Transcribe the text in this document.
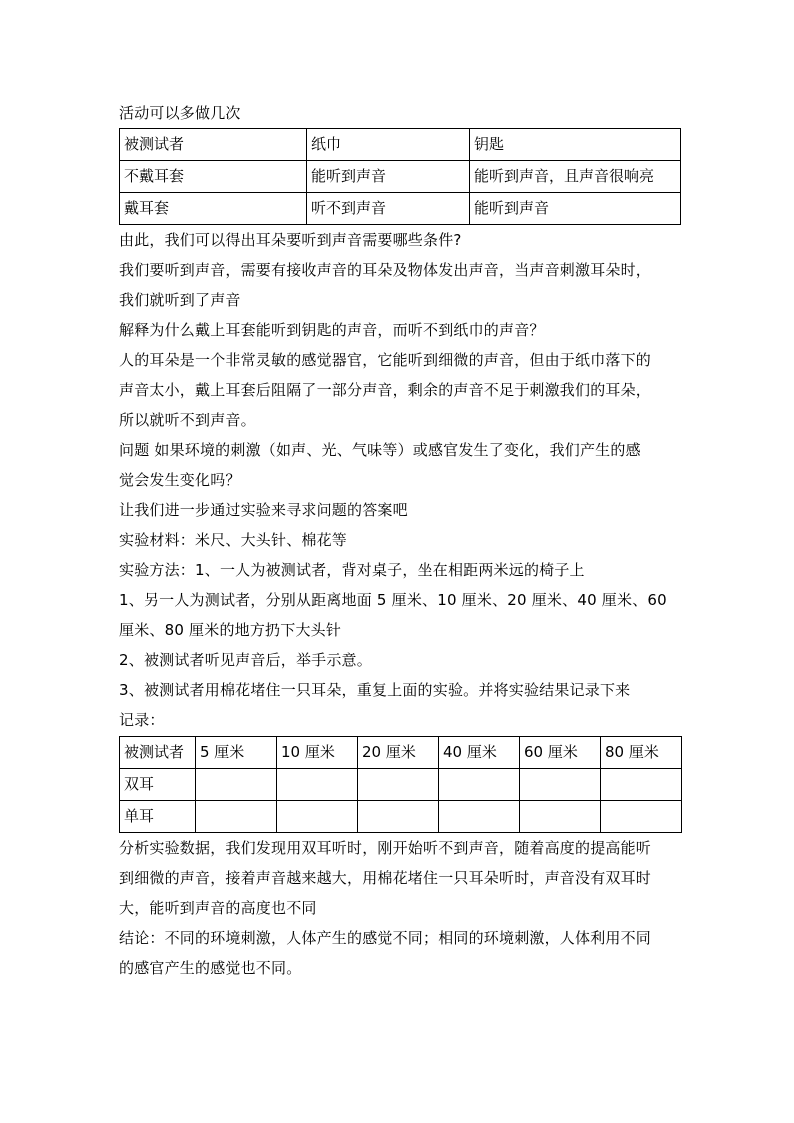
活动可以多做几次
被测试者	纸巾	钥匙
不戴耳套	能听到声音	能听到声音，且声音很响亮
戴耳套	听不到声音	能听到声音
由此，我们可以得出耳朵要听到声音需要哪些条件?
我们要听到声音，需要有接收声音的耳朵及物体发出声音，当声音刺激耳朵时，
我们就听到了声音
解释为什么戴上耳套能听到钥匙的声音，而听不到纸巾的声音？
人的耳朵是一个非常灵敏的感觉器官，它能听到细微的声音，但由于纸巾落下的
声音太小，戴上耳套后阻隔了一部分声音，剩余的声音不足于刺激我们的耳朵，
所以就听不到声音。
问题 如果环境的刺激（如声、光、气味等）或感官发生了变化，我们产生的感
觉会发生变化吗？
让我们进一步通过实验来寻求问题的答案吧
实验材料：米尺、大头针、棉花等
实验方法：1、一人为被测试者，背对桌子，坐在相距两米远的椅子上
1、另一人为测试者，分别从距离地面 5 厘米、10 厘米、20 厘米、40 厘米、60
厘米、80 厘米的地方扔下大头针
2、被测试者听见声音后，举手示意。
3、被测试者用棉花堵住一只耳朵，重复上面的实验。并将实验结果记录下来
记录：
被测试者	5 厘米	10 厘米	20 厘米	40 厘米	60 厘米	80 厘米
双耳						
单耳						
分析实验数据，我们发现用双耳听时，刚开始听不到声音，随着高度的提高能听
到细微的声音，接着声音越来越大，用棉花堵住一只耳朵听时，声音没有双耳时
大，能听到声音的高度也不同
结论：不同的环境刺激，人体产生的感觉不同；相同的环境刺激，人体利用不同
的感官产生的感觉也不同。
